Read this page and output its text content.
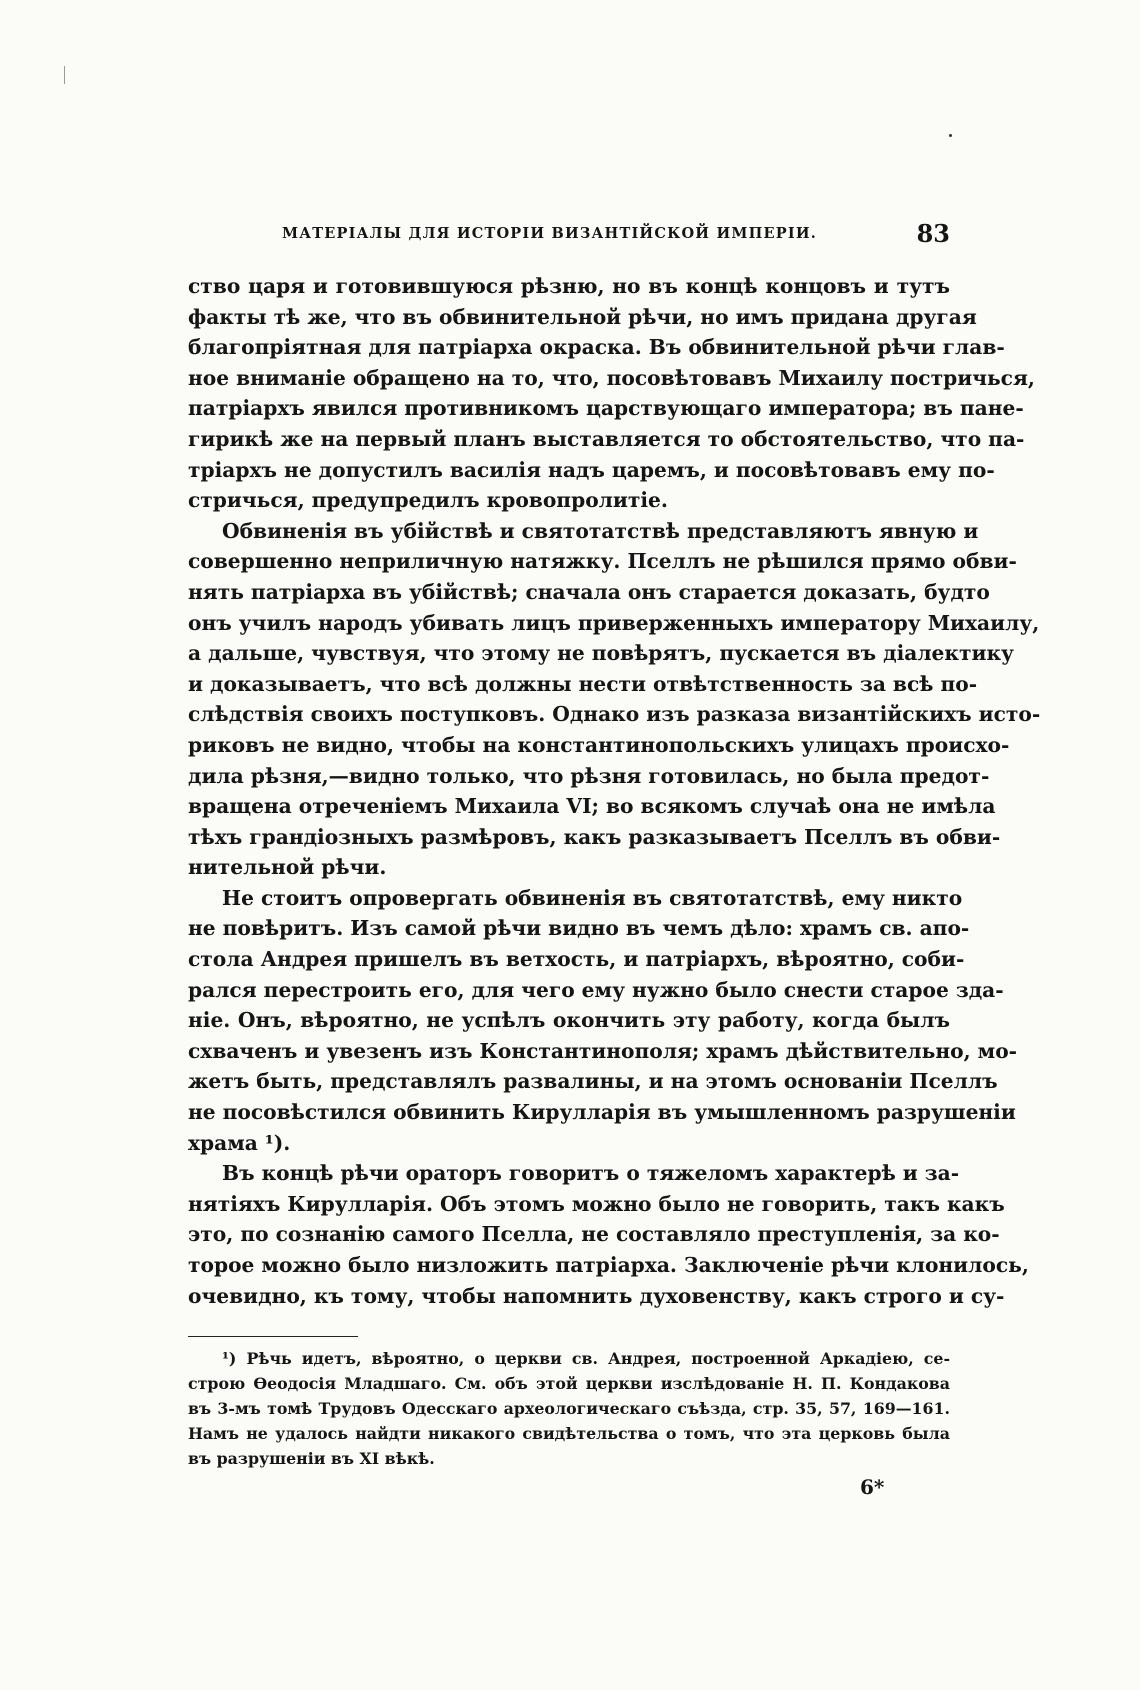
МАТЕРІАЛЫ ДЛЯ ИСТОРІИ ВИЗАНТІЙСКОЙ ИМПЕРІИ.	83
ство царя и готовившуюся рѣзню, но въ концѣ концовъ и тутъ
факты тѣ же, что въ обвинительной рѣчи, но имъ придана другая
благопріятная для патріарха окраска. Въ обвинительной рѣчи глав-
ное вниманіе обращено на то, что, посовѣтовавъ Михаилу постричься,
патріархъ явился противникомъ царствующаго императора; въ пане-
гирикѣ же на первый планъ выставляется то обстоятельство, что па-
тріархъ не допустилъ василія надъ царемъ, и посовѣтовавъ ему по-
стричься, предупредилъ кровопролитіе.
Обвиненія въ убійствѣ и святотатствѣ представляютъ явную и
совершенно неприличную натяжку. Пселлъ не рѣшился прямо обви-
нять патріарха въ убійствѣ; сначала онъ старается доказать, будто
онъ училъ народъ убивать лицъ приверженныхъ императору Михаилу,
а дальше, чувствуя, что этому не повѣрятъ, пускается въ діалектику
и доказываетъ, что всѣ должны нести отвѣтственность за всѣ по-
слѣдствія своихъ поступковъ. Однако изъ разказа византійскихъ исто-
риковъ не видно, чтобы на константинопольскихъ улицахъ происхо-
дила рѣзня,—видно только, что рѣзня готовилась, но была предот-
вращена отреченіемъ Михаила VI; во всякомъ случаѣ она не имѣла
тѣхъ грандіозныхъ размѣровъ, какъ разказываетъ Пселлъ въ обви-
нительной рѣчи.
Не стоитъ опровергать обвиненія въ святотатствѣ, ему никто
не повѣритъ. Изъ самой рѣчи видно въ чемъ дѣло: храмъ св. апо-
стола Андрея пришелъ въ ветхость, и патріархъ, вѣроятно, соби-
рался перестроить его, для чего ему нужно было снести старое зда-
ніе. Онъ, вѣроятно, не успѣлъ окончить эту работу, когда былъ
схваченъ и увезенъ изъ Константинополя; храмъ дѣйствительно, мо-
жетъ быть, представлялъ развалины, и на этомъ основаніи Пселлъ
не посовѣстился обвинить Кирулларія въ умышленномъ разрушеніи
храма ¹).
Въ концѣ рѣчи ораторъ говоритъ о тяжеломъ характерѣ и за-
нятіяхъ Кирулларія. Объ этомъ можно было не говорить, такъ какъ
это, по сознанію самого Пселла, не составляло преступленія, за ко-
торое можно было низложить патріарха. Заключеніе рѣчи клонилось,
очевидно, къ тому, чтобы напомнить духовенству, какъ строго и су-
¹) Рѣчь идетъ, вѣроятно, о церкви св. Андрея, построенной Аркадіею, се-
строю Ѳеодосія Младшаго. См. объ этой церкви изслѣдованіе Н. П. Кондакова
въ 3-мъ томѣ Трудовъ Одесскаго археологическаго съѣзда, стр. 35, 57, 169—161.
Намъ не удалось найдти никакого свидѣтельства о томъ, что эта церковь была
въ разрушеніи въ XI вѣкѣ.
6*
